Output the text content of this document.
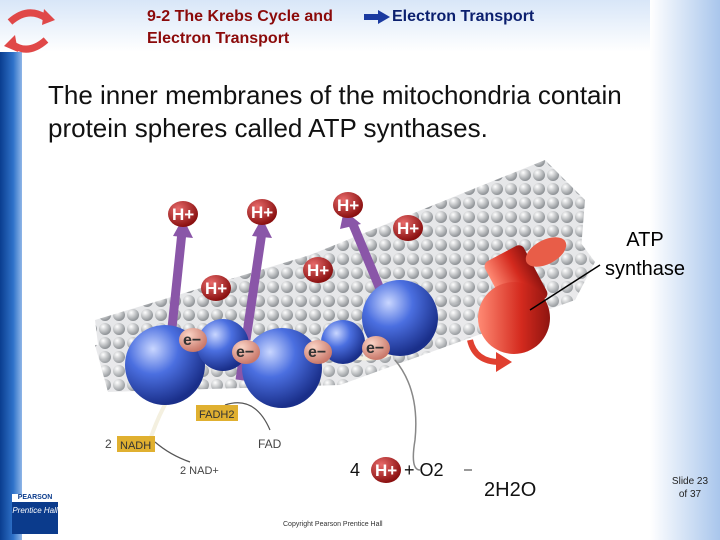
9-2 The Krebs Cycle and Electron Transport
Electron Transport
The inner membranes of the mitochondria contain protein spheres called ATP synthases.
H+	H+	H+
H+
H+
H+
e−
e−	e− e−
FADH2
FAD
2 NADH
2 NAD+	4 H+ + O2
2H2O
ATP synthase
Slide 23 of 37
Copyright Pearson Prentice Hall
PEARSON
Prentice Hall
